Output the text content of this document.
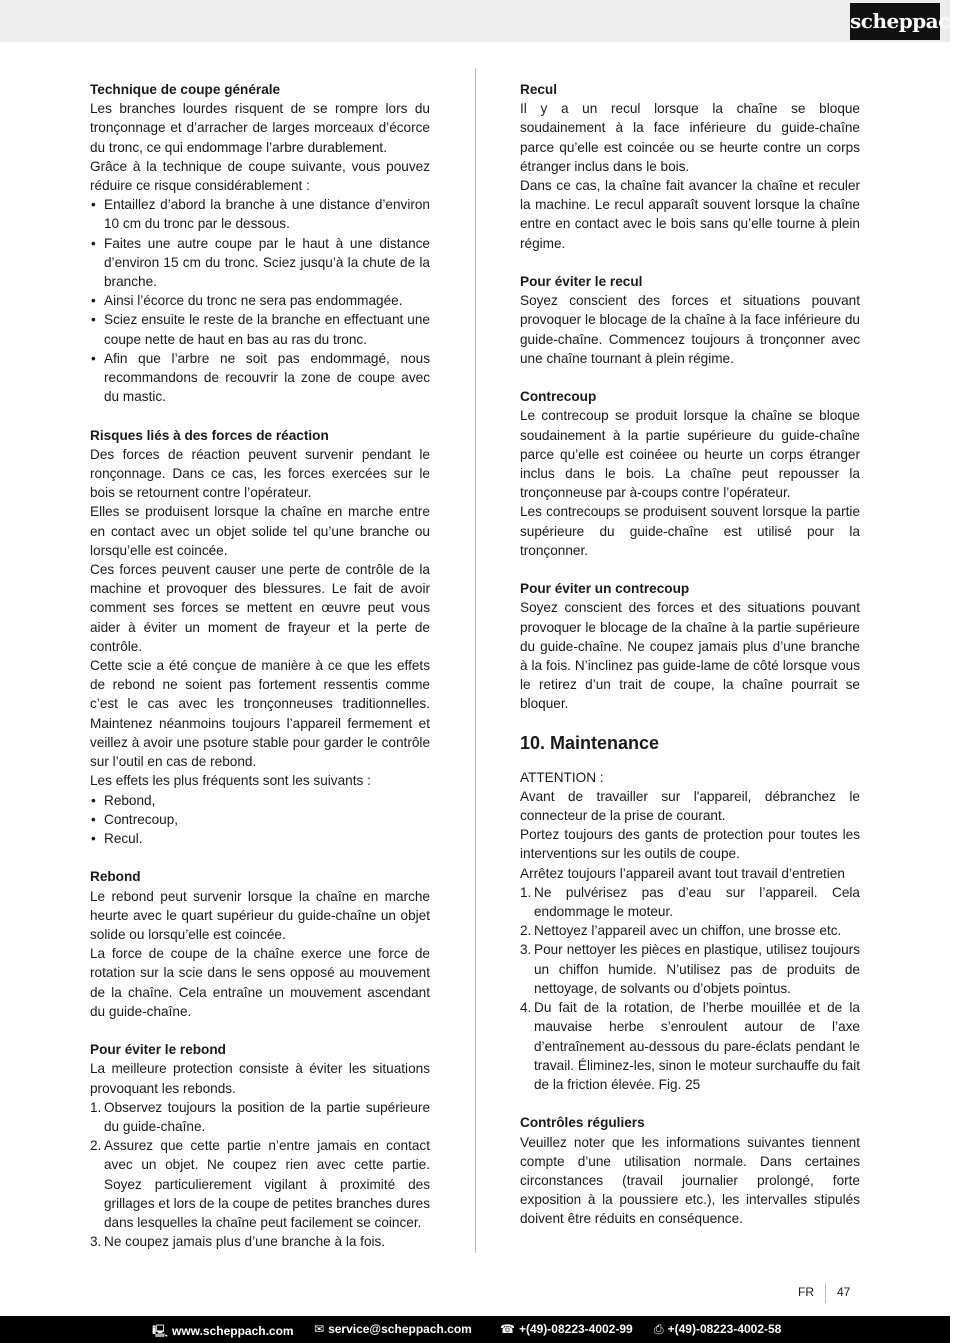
scheppach
Technique de coupe générale

Les branches lourdes risquent de se rompre lors du tronçonnage et d’arracher de larges morceaux d’écorce du tronc, ce qui endommage l’arbre durablement.

Grâce à la technique de coupe suivante, vous pouvez réduire ce risque considérablement :

• Entaillez d’abord la branche à une distance d’environ 10 cm du tronc par le dessous.
• Faites une autre coupe par le haut à une distance d’environ 15 cm du tronc. Sciez jusqu’à la chute de la branche.
• Ainsi l’écorce du tronc ne sera pas endommagée.
• Sciez ensuite le reste de la branche en effectuant une coupe nette de haut en bas au ras du tronc.
• Afin que l’arbre ne soit pas endommagé, nous recommandons de recouvrir la zone de coupe avec du mastic.
Risques liés à des forces de réaction

Des forces de réaction peuvent survenir pendant le ronçonnage. Dans ce cas, les forces exercées sur le bois se retournent contre l’opérateur.

Elles se produisent lorsque la chaîne en marche entre en contact avec un objet solide tel qu’une branche ou lorsqu’elle est coincée.

Ces forces peuvent causer une perte de contrôle de la machine et provoquer des blessures. Le fait de avoir comment ses forces se mettent en œuvre peut vous aider à éviter un moment de frayeur et la perte de contrôle.

Cette scie a été conçue de manière à ce que les effets de rebond ne soient pas fortement ressentis comme c’est le cas avec les tronçonneuses traditionnelles. Maintenez néanmoins toujours l’appareil fermement et veillez à avoir une psoture stable pour garder le contrôle sur l’outil en cas de rebond.

Les effets les plus fréquents sont les suivants :

• Rebond,
• Contrecoup,
• Recul.
Rebond

Le rebond peut survenir lorsque la chaîne en marche heurte avec le quart supérieur du guide-chaîne un objet solide ou lorsqu’elle est coincée.

La force de coupe de la chaîne exerce une force de rotation sur la scie dans le sens opposé au mouvement de la chaîne. Cela entraîne un mouvement ascendant du guide-chaîne.

Pour éviter le rebond

La meilleure protection consiste à éviter les situations provoquant les rebonds.

1. Observez toujours la position de la partie supérieure du guide-chaîne.
2. Assurez que cette partie n’entre jamais en contact avec un objet. Ne coupez rien avec cette partie. Soyez particulierement vigilant à proximité des grillages et lors de la coupe de petites branches dures dans lesquelles la chaîne peut facilement se coincer.
3. Ne coupez jamais plus d’une branche à la fois.
Recul

Il y a un recul lorsque la chaîne se bloque soudainement à la face inférieure du guide-chaîne parce qu’elle est coincée ou se heurte contre un corps étranger inclus dans le bois.

Dans ce cas, la chaîne fait avancer la chaîne et reculer la machine. Le recul apparaît souvent lorsque la chaîne entre en contact avec le bois sans qu’elle tourne à plein régime.

Pour éviter le recul

Soyez conscient des forces et situations pouvant provoquer le blocage de la chaîne à la face inférieure du guide-chaîne. Commencez toujours à tronçonner avec une chaîne tournant à plein régime.

Contrecoup

Le contrecoup se produit lorsque la chaîne se bloque soudainement à la partie supérieure du guide-chaîne parce qu’elle est coinéee ou heurte un corps étranger inclus dans le bois. La chaîne peut repousser la tronçonneuse par à-coups contre l’opérateur.

Les contrecoups se produisent souvent lorsque la partie supérieure du guide-chaîne est utilisé pour la tronçonner.

Pour éviter un contrecoup

Soyez conscient des forces et des situations pouvant provoquer le blocage de la chaîne à la partie supérieure du guide-chaîne. Ne coupez jamais plus d’une branche à la fois. N’inclinez pas guide-lame de côté lorsque vous le retirez d’un trait de coupe, la chaîne pourrait se bloquer.

10. Maintenance

ATTENTION :

Avant de travailler sur l'appareil, débranchez le connecteur de la prise de courant.

Portez toujours des gants de protection pour toutes les interventions sur les outils de coupe.

Arrêtez toujours l’appareil avant tout travail d’entretien

1. Ne pulvérisez pas d’eau sur l’appareil. Cela endommage le moteur.
2. Nettoyez l’appareil avec un chiffon, une brosse etc.
3. Pour nettoyer les pièces en plastique, utilisez toujours un chiffon humide. N’utilisez pas de produits de nettoyage, de solvants ou d’objets pointus.
4. Du fait de la rotation, de l’herbe mouillée et de la mauvaise herbe s’enroulent autour de l’axe d’entraînement au-dessous du pare-éclats pendant le travail. Éliminez-les, sinon le moteur surchauffe du fait de la friction élevée. Fig. 25
Contrôles réguliers

Veuillez noter que les informations suivantes tiennent compte d’une utilisation normale. Dans certaines circonstances (travail journalier prolongé, forte exposition à la poussiere etc.), les intervalles stipulés doivent être réduits en conséquence.

FR 47
🖳 www.scheppach.com ✉ service@scheppach.com ☎ +(49)-08223-4002-99 ⎙ +(49)-08223-4002-58
